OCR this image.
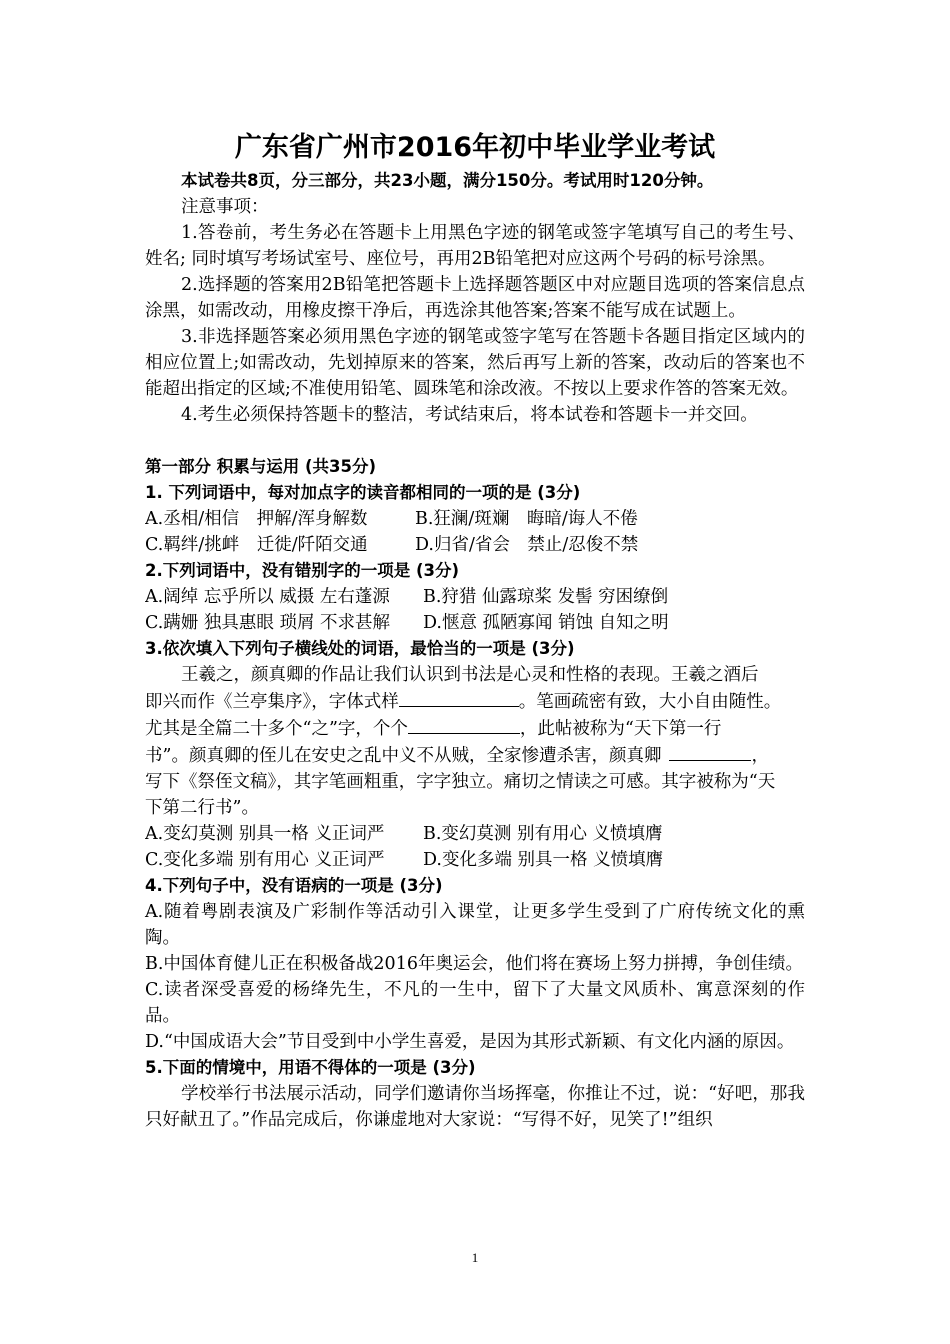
广东省广州市2016年初中毕业学业考试
本试卷共8页，分三部分，共23小题，满分150分。考试用时120分钟。
注意事项：
1.答卷前，考生务必在答题卡上用黑色字迹的钢笔或签字笔填写自己的考生号、姓名; 同时填写考场试室号、座位号，再用2B铅笔把对应这两个号码的标号涂黑。
2.选择题的答案用2B铅笔把答题卡上选择题答题区中对应题目选项的答案信息点涂黑，如需改动，用橡皮擦干净后，再选涂其他答案;答案不能写成在试题上。
3.非选择题答案必须用黑色字迹的钢笔或签字笔写在答题卡各题目指定区域内的相应位置上;如需改动，先划掉原来的答案，然后再写上新的答案，改动后的答案也不能超出指定的区域;不准使用铅笔、圆珠笔和涂改液。不按以上要求作答的答案无效。
4.考生必须保持答题卡的整洁，考试结束后，将本试卷和答题卡一并交回。
第一部分 积累与运用 (共35分)
1. 下列词语中，每对加点字的读音都相同的一项的是 (3分)
A.丞相/相信　押解/浑身解数	B.狂澜/斑斓　晦暗/诲人不倦
C.羁绊/挑衅　迁徙/阡陌交通	D.归省/省会　禁止/忍俊不禁
2.下列词语中，没有错别字的一项是 (3分)
A.阔绰 忘乎所以 威摄 左右蓬源 B.狩猎 仙露琼桨 发髻 穷困缭倒
C.蹒姗 独具惠眼 琐屑 不求甚解 D.惬意 孤陋寡闻 销蚀 自知之明
3.依次填入下列句子横线处的词语，最恰当的一项是 (3分)
王羲之，颜真卿的作品让我们认识到书法是心灵和性格的表现。王羲之酒后
即兴而作《兰亭集序》，字体式样	。笔画疏密有致，大小自由随性。
尤其是全篇二十多个“之”字，个个	，此帖被称为“天下第一行
书”。颜真卿的侄儿在安史之乱中义不从贼，全家惨遭杀害，颜真卿	，
写下《祭侄文稿》，其字笔画粗重，字字独立。痛切之情读之可感。其字被称为“天
下第二行书”。
A.变幻莫测 别具一格 义正词严 B.变幻莫测 别有用心 义愤填膺
C.变化多端 别有用心 义正词严 D.变化多端 别具一格 义愤填膺
4.下列句子中，没有语病的一项是 (3分)
A.随着粤剧表演及广彩制作等活动引入课堂，让更多学生受到了广府传统文化的熏陶。
B.中国体育健儿正在积极备战2016年奥运会，他们将在赛场上努力拼搏，争创佳绩。
C.读者深受喜爱的杨绛先生，不凡的一生中，留下了大量文风质朴、寓意深刻的作品。
D.“中国成语大会”节目受到中小学生喜爱，是因为其形式新颖、有文化内涵的原因。
5.下面的情境中，用语不得体的一项是 (3分)
学校举行书法展示活动，同学们邀请你当场挥毫，你推让不过，说：“好吧，那我只好献丑了。”作品完成后，你谦虚地对大家说：“写得不好，见笑了!”组织
1
